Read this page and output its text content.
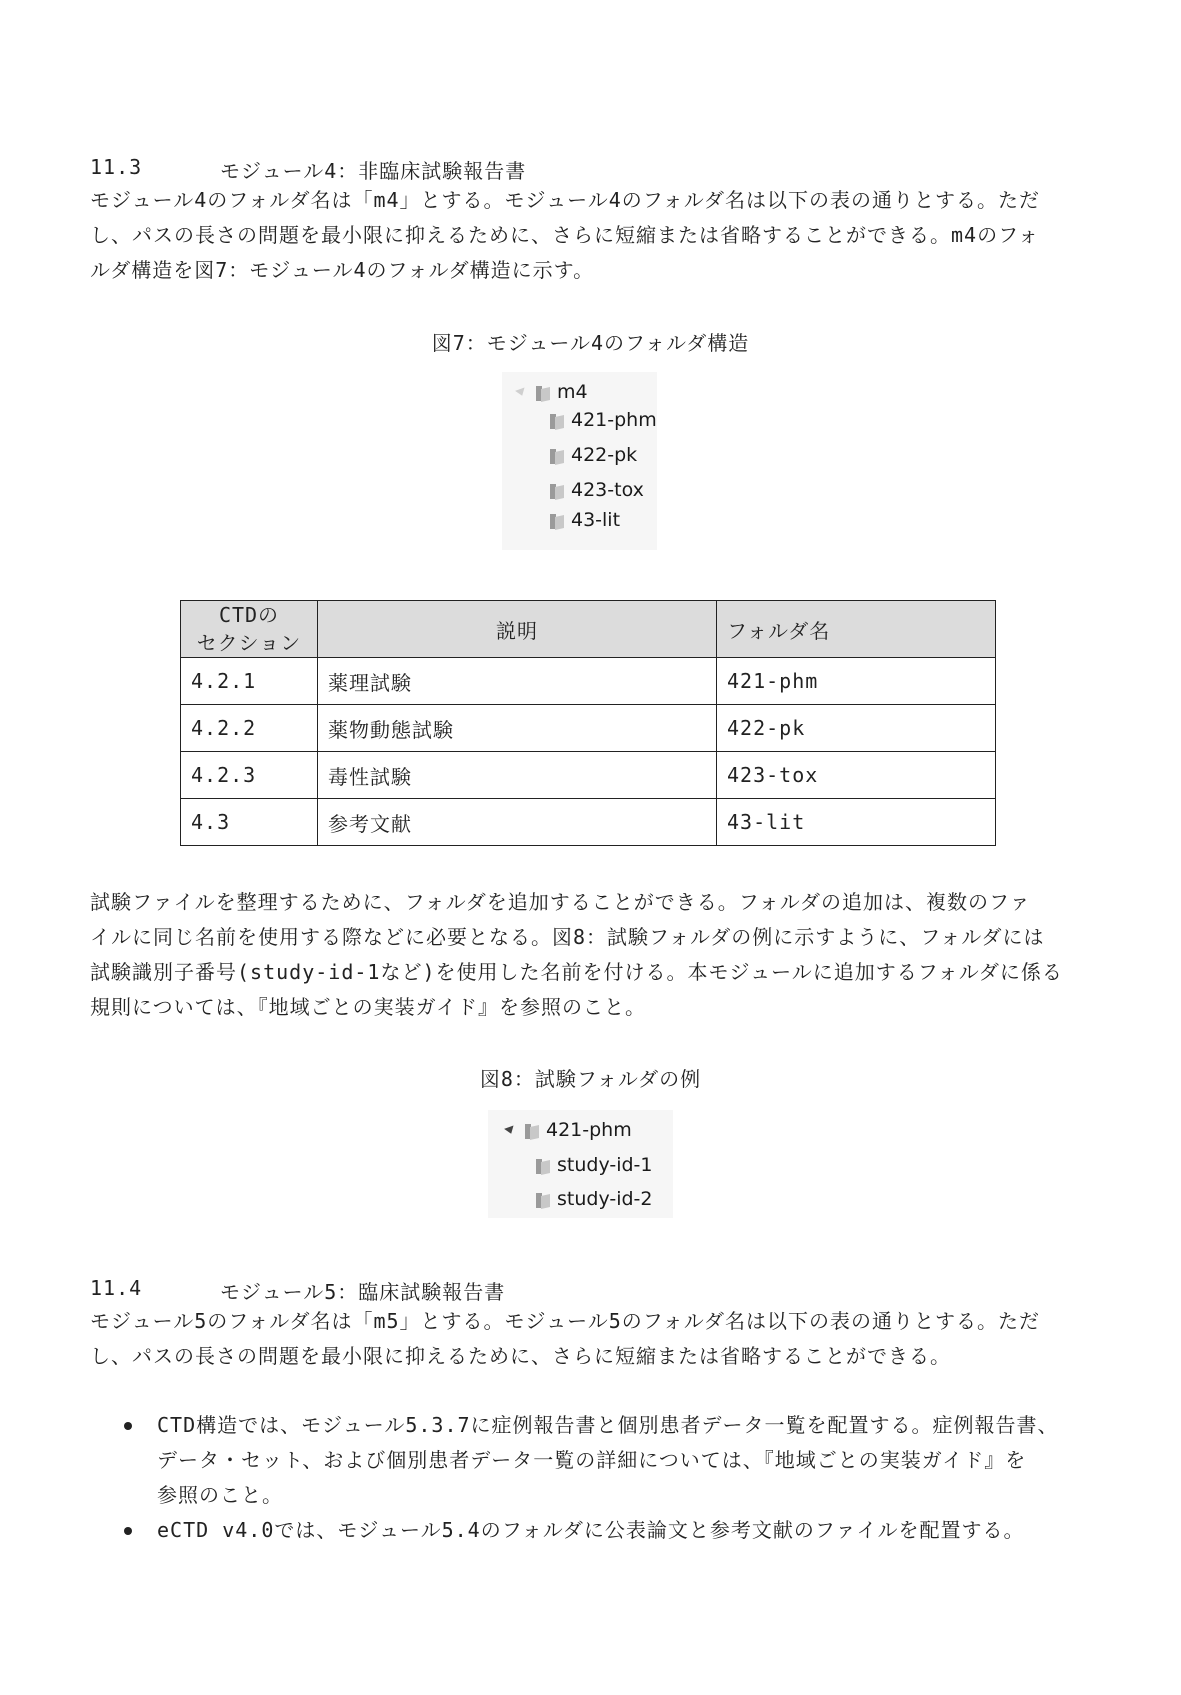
11.3	モジュール4：非臨床試験報告書
モジュール4のフォルダ名は「m4」とする。モジュール4のフォルダ名は以下の表の通りとする。ただ
し、パスの長さの問題を最小限に抑えるために、さらに短縮または省略することができる。m4のフォ
ルダ構造を図7：モジュール4のフォルダ構造に示す。
図7：モジュール4のフォルダ構造
m4
421-phm
422-pk
423-tox
43-lit
CTDの
セクション	説明	フォルダ名
4.2.1	薬理試験	421-phm
4.2.2	薬物動態試験	422-pk
4.2.3	毒性試験	423-tox
4.3	参考文献	43-lit
試験ファイルを整理するために、フォルダを追加することができる。フォルダの追加は、複数のファ
イルに同じ名前を使用する際などに必要となる。図8：試験フォルダの例に示すように、フォルダには
試験識別子番号(study-id-1など)を使用した名前を付ける。本モジュールに追加するフォルダに係る
規則については、『地域ごとの実装ガイド』を参照のこと。
図8：試験フォルダの例
421-phm
study-id-1
study-id-2
11.4	モジュール5：臨床試験報告書
モジュール5のフォルダ名は「m5」とする。モジュール5のフォルダ名は以下の表の通りとする。ただ
し、パスの長さの問題を最小限に抑えるために、さらに短縮または省略することができる。
CTD構造では、モジュール5.3.7に症例報告書と個別患者データ一覧を配置する。症例報告書、
データ・セット、および個別患者データ一覧の詳細については、『地域ごとの実装ガイド』を
参照のこと。
eCTD v4.0では、モジュール5.4のフォルダに公表論文と参考文献のファイルを配置する。
